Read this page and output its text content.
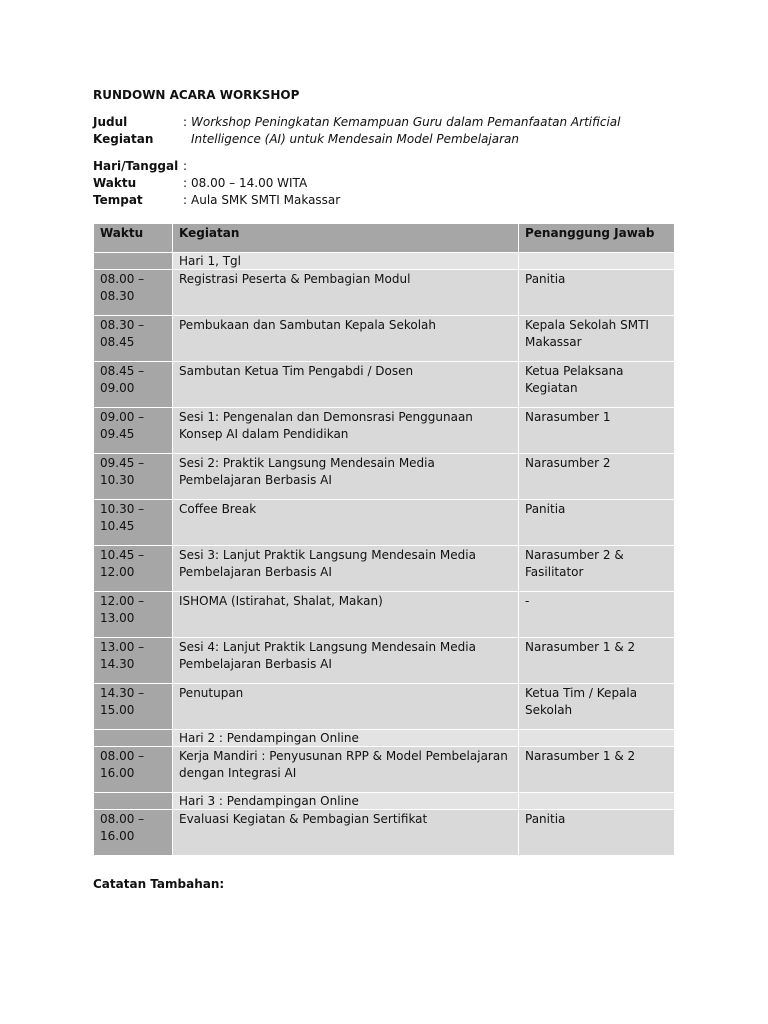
RUNDOWN ACARA WORKSHOP
Judul Kegiatan
: Workshop Peningkatan Kemampuan Guru dalam Pemanfaatan Artificial Intelligence (AI) untuk Mendesain Model Pembelajaran
Hari/Tanggal :
Waktu	: 08.00 – 14.00 WITA
Tempat	: Aula SMK SMTI Makassar
Waktu	Kegiatan	Penanggung Jawab
	Hari 1, Tgl	
08.00 – 08.30	Registrasi Peserta & Pembagian Modul	Panitia
08.30 – 08.45	Pembukaan dan Sambutan Kepala Sekolah	Kepala Sekolah SMTI Makassar
08.45 – 09.00	Sambutan Ketua Tim Pengabdi / Dosen	Ketua Pelaksana Kegiatan
09.00 – 09.45	Sesi 1: Pengenalan dan Demonsrasi Penggunaan Konsep AI dalam Pendidikan	Narasumber 1
09.45 – 10.30	Sesi 2: Praktik Langsung Mendesain Media Pembelajaran Berbasis AI	Narasumber 2
10.30 – 10.45	Coffee Break	Panitia
10.45 – 12.00	Sesi 3: Lanjut Praktik Langsung Mendesain Media Pembelajaran Berbasis AI	Narasumber 2 & Fasilitator
12.00 – 13.00	ISHOMA (Istirahat, Shalat, Makan)	-
13.00 – 14.30	Sesi 4: Lanjut Praktik Langsung Mendesain Media Pembelajaran Berbasis AI	Narasumber 1 & 2
14.30 – 15.00	Penutupan	Ketua Tim / Kepala Sekolah
	Hari 2 : Pendampingan Online	
08.00 – 16.00	Kerja Mandiri : Penyusunan RPP & Model Pembelajaran dengan Integrasi AI	Narasumber 1 & 2
	Hari 3 : Pendampingan Online	
08.00 – 16.00	Evaluasi Kegiatan & Pembagian Sertifikat	Panitia
Catatan Tambahan:
